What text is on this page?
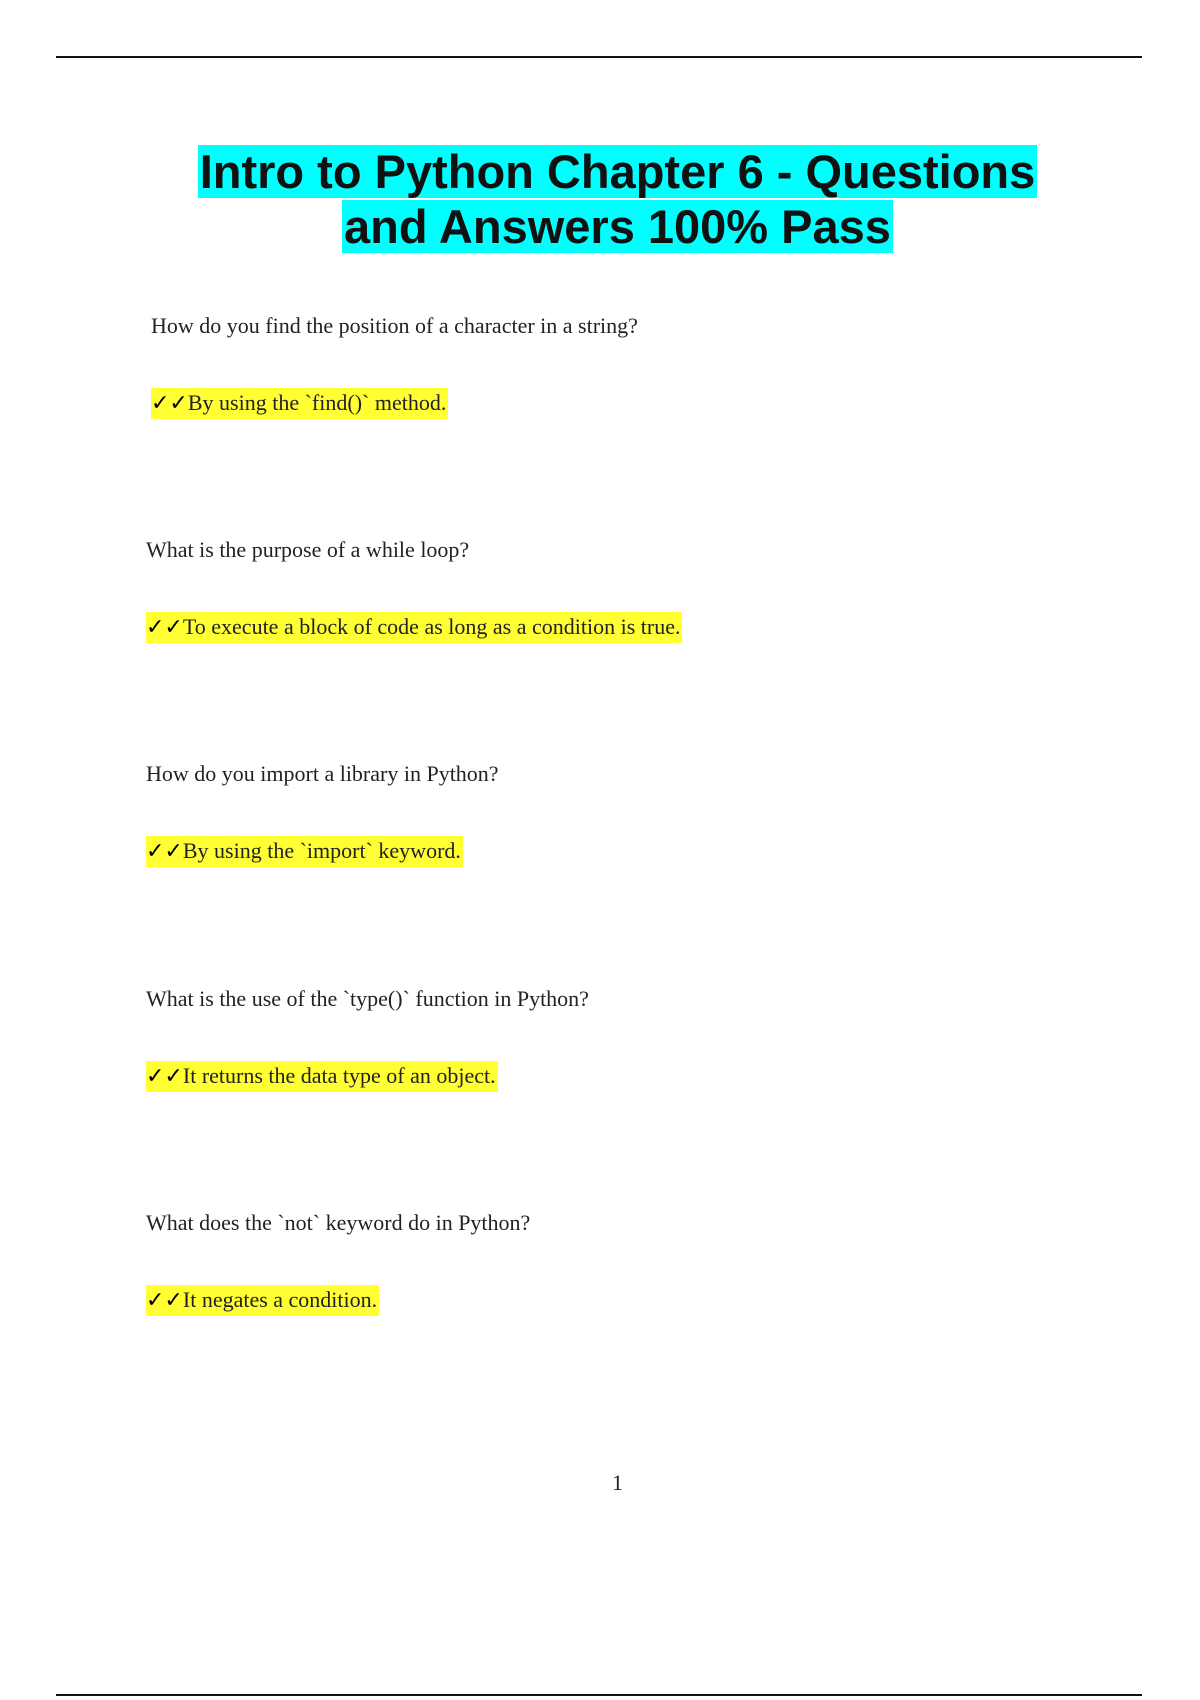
Intro to Python Chapter 6 - Questions
and Answers 100% Pass
How do you find the position of a character in a string?
✓✓By using the `find()` method.
What is the purpose of a while loop?
✓✓To execute a block of code as long as a condition is true.
How do you import a library in Python?
✓✓By using the `import` keyword.
What is the use of the `type()` function in Python?
✓✓It returns the data type of an object.
What does the `not` keyword do in Python?
✓✓It negates a condition.
1
